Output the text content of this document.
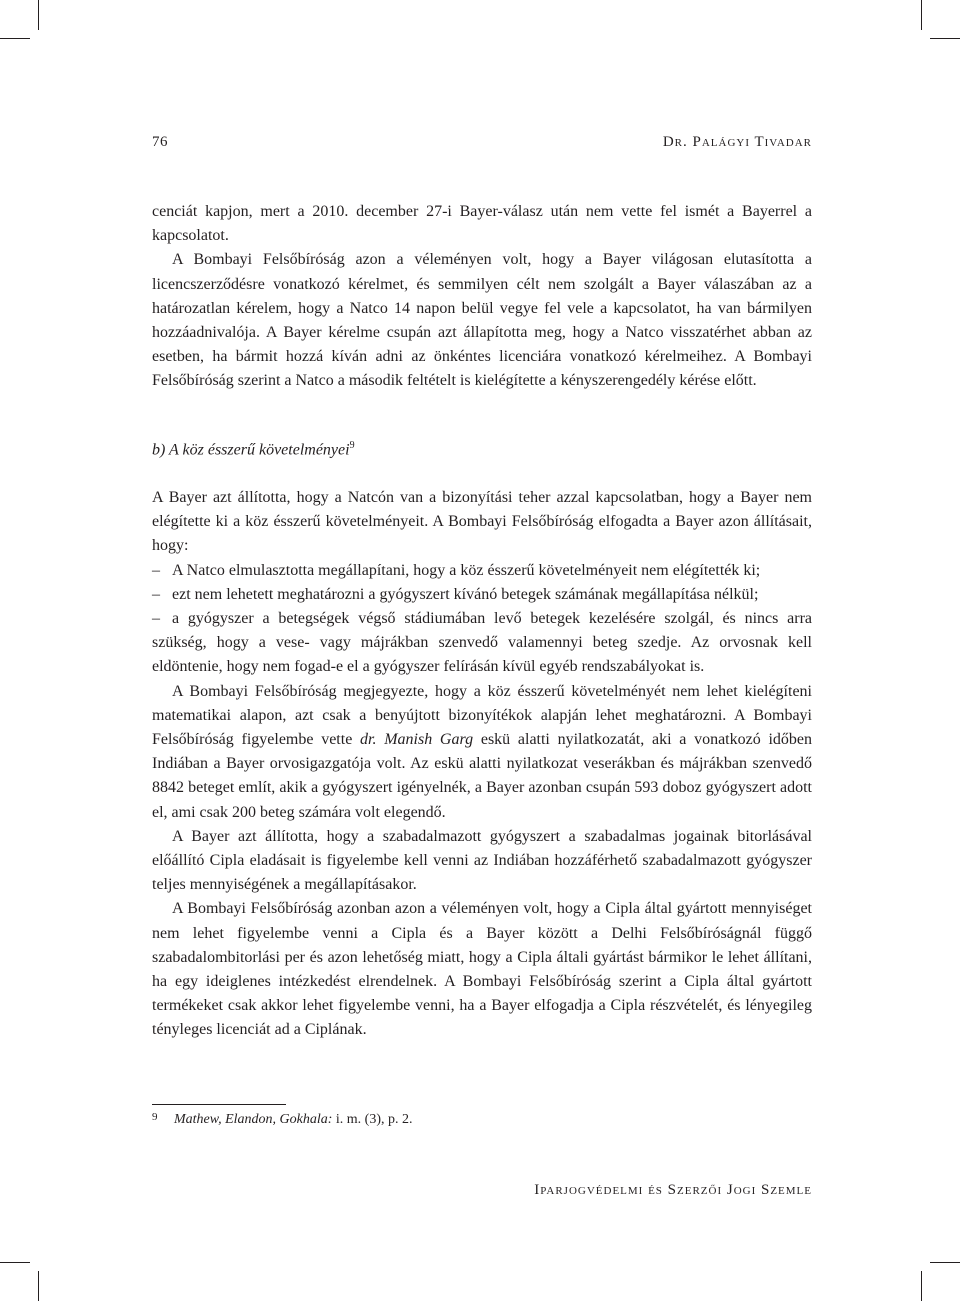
76	Dr. Palágyi Tivadar

cenciát kapjon, mert a 2010. december 27-i Bayer-válasz után nem vette fel ismét a Bayerrel a kapcsolatot.

A Bombayi Felsőbíróság azon a véleményen volt, hogy a Bayer világosan elutasította a licencszerződésre vonatkozó kérelmet, és semmilyen célt nem szolgált a Bayer válaszában az a határozatlan kérelem, hogy a Natco 14 napon belül vegye fel vele a kapcsolatot, ha van bármilyen hozzáadnivalója. A Bayer kérelme csupán azt állapította meg, hogy a Natco visszatérhet abban az esetben, ha bármit hozzá kíván adni az önkéntes licenciára vonatkozó kérelmeihez. A Bombayi Felsőbíróság szerint a Natco a második feltételt is kielégítette a kényszerengedély kérése előtt.

b) A köz ésszerű követelményei$^9$

A Bayer azt állította, hogy a Natcón van a bizonyítási teher azzal kapcsolatban, hogy a Bayer nem elégítette ki a köz ésszerű követelményeit. A Bombayi Felsőbíróság elfogadta a Bayer azon állításait, hogy:

– A Natco elmulasztotta megállapítani, hogy a köz ésszerű követelményeit nem elégítették ki;

– ezt nem lehetett meghatározni a gyógyszert kívánó betegek számának megállapítása nélkül;

– a gyógyszer a betegségek végső stádiumában levő betegek kezelésére szolgál, és nincs arra szükség, hogy a vese- vagy májrákban szenvedő valamennyi beteg szedje. Az orvosnak kell eldöntenie, hogy nem fogad-e el a gyógyszer felírásán kívül egyéb rendszabályokat is.

A Bombayi Felsőbíróság megjegyezte, hogy a köz ésszerű követelményét nem lehet kielégíteni matematikai alapon, azt csak a benyújtott bizonyítékok alapján lehet meghatározni. A Bombayi Felsőbíróság figyelembe vette dr. Manish Garg eskü alatti nyilatkozatát, aki a vonatkozó időben Indiában a Bayer orvosigazgatója volt. Az eskü alatti nyilatkozat veserákban és májrákban szenvedő 8842 beteget említ, akik a gyógyszert igényelnék, a Bayer azonban csupán 593 doboz gyógyszert adott el, ami csak 200 beteg számára volt elegendő.

A Bayer azt állította, hogy a szabadalmazott gyógyszert a szabadalmas jogainak bitorlásával előállító Cipla eladásait is figyelembe kell venni az Indiában hozzáférhető szabadalmazott gyógyszer teljes mennyiségének a megállapításakor.

A Bombayi Felsőbíróság azonban azon a véleményen volt, hogy a Cipla által gyártott mennyiséget nem lehet figyelembe venni a Cipla és a Bayer között a Delhi Felsőbíróságnál függő szabadalombitorlási per és azon lehetőség miatt, hogy a Cipla általi gyártást bármikor le lehet állítani, ha egy ideiglenes intézkedést elrendelnek. A Bombayi Felsőbíróság szerint a Cipla által gyártott termékeket csak akkor lehet figyelembe venni, ha a Bayer elfogadja a Cipla részvételét, és lényegileg tényleges licenciát ad a Ciplának.

9 Mathew, Elandon, Gokhala: i. m. (3), p. 2.
Iparjogvédelmi és Szerzői Jogi Szemle
